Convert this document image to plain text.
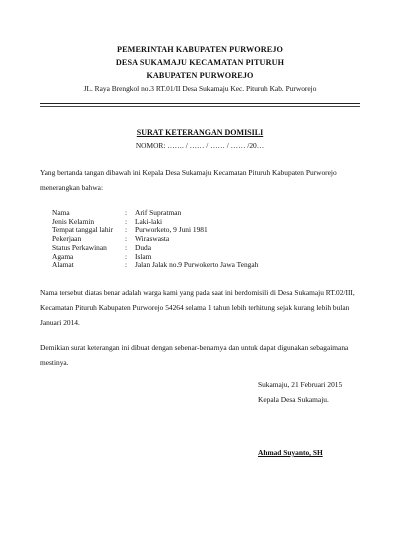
PEMERINTAH KABUPATEN PURWOREJO
DESA SUKAMAJU KECAMATAN PITURUH
KABUPATEN PURWOREJO
JL. Raya Brengkol no.3 RT.01/II Desa Sukamaju Kec. Pituruh Kab. Purworejo
SURAT KETERANGAN DOMISILI
NOMOR: ……. / …… / …… / …… /20…
Yang bertanda tangan dibawah ini Kepala Desa Sukamaju Kecamatan Pituruh Kabupaten Purworejo menerangkan bahwa:
Nama	:	Arif Supratman
Jenis Kelamin	:	Laki-laki
Tempat tanggal lahir	:	Purworketo, 9 Juni 1981
Pekerjaan	:	Wiraswasta
Status Perkawinan	:	Duda
Agama	:	Islam
Alamat	:	Jalan Jalak no.9 Purwokerto Jawa Tengah
Nama tersebut diatas benar adalah warga kami yang pada saat ini berdomisili di Desa Sukamaju RT.02/III, Kecamatan Pituruh Kabupaten Purworejo 54264 selama 1 tahun lebih terhitung sejak kurang lebih bulan Januari 2014.
Demikian surat keterangan ini dibuat dengan sebenar-benarnya dan untuk dapat digunakan sebagaimana mestinya.
Sukamaju, 21 Februari 2015
Kepala Desa Sukamaju.
Ahmad Suyanto, SH
